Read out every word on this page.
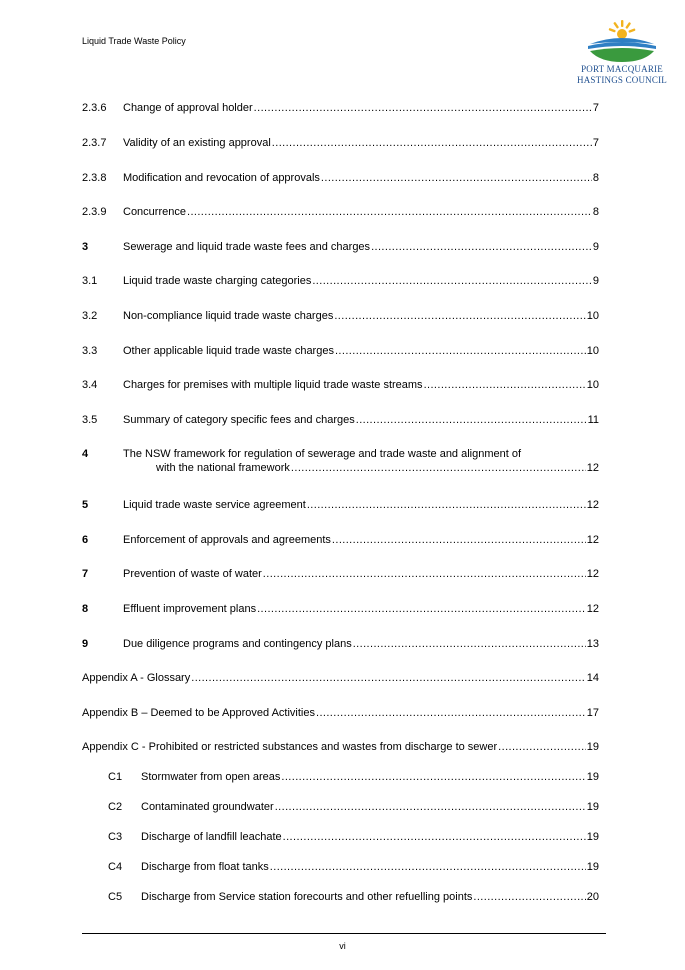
Liquid Trade Waste Policy
PORT MACQUARIE
HASTINGS COUNCIL
2.3.6 Change of approval holder .....	7
2.3.7 Validity of an existing approval .....	7
2.3.8 Modification and revocation of approvals .....	8
2.3.9 Concurrence .....	8
3	Sewerage and liquid trade waste fees and charges .....	9
3.1 Liquid trade waste charging categories .....	9
3.2 Non-compliance liquid trade waste charges .....	10
3.3 Other applicable liquid trade waste charges .....	10
3.4 Charges for premises with multiple liquid trade waste streams .....	10
3.5 Summary of category specific fees and charges .....	11
4	The NSW framework for regulation of sewerage and trade waste and alignment of
with the national framework .....	12
5	Liquid trade waste service agreement .....	12
6	Enforcement of approvals and agreements .....	12
7	Prevention of waste of water .....	12
8	Effluent improvement plans .....	12
9	Due diligence programs and contingency plans .....	13
Appendix A - Glossary .....	14
Appendix B – Deemed to be Approved Activities .....	17
Appendix C - Prohibited or restricted substances and wastes from discharge to sewer .....	19
C1 Stormwater from open areas .....	19
C2 Contaminated groundwater .....	19
C3 Discharge of landfill leachate .....	19
C4 Discharge from float tanks .....	19
C5 Discharge from Service station forecourts and other refuelling points .....	20
vi
